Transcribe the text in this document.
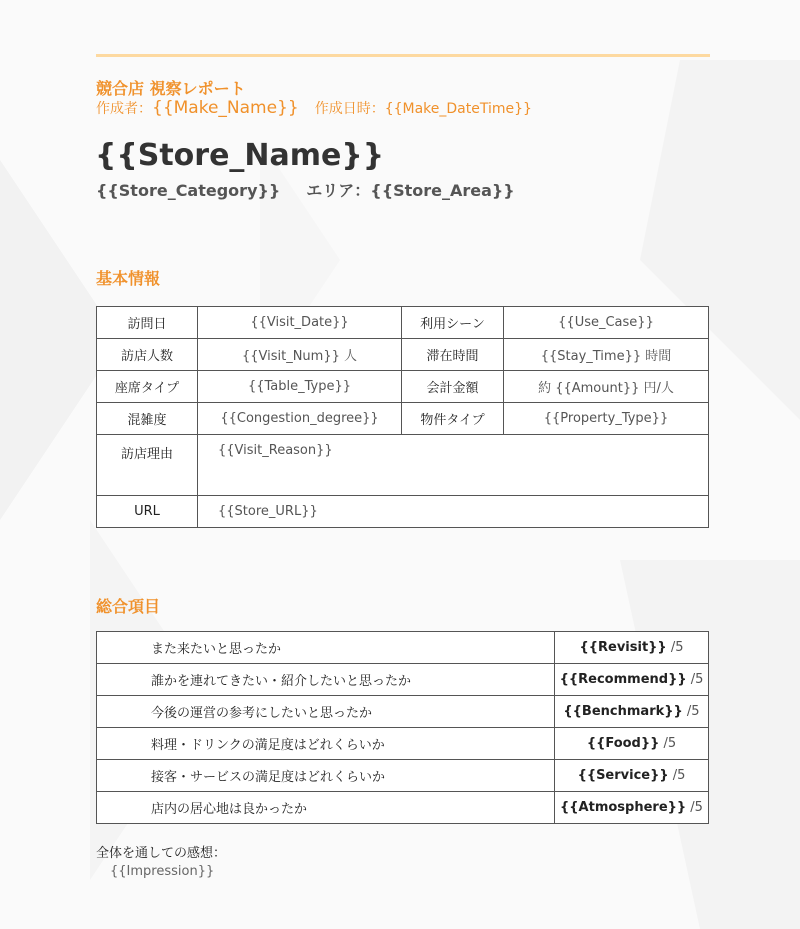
競合店 視察レポート
作成者：{{Make_Name}} 作成日時：{{Make_DateTime}}
{{Store_Name}}
{{Store_Category}} エリア：{{Store_Area}}
基本情報
訪問日	{{Visit_Date}}	利用シーン	{{Use_Case}}
訪店人数	{{Visit_Num}} 人	滞在時間	{{Stay_Time}} 時間
座席タイプ	{{Table_Type}}	会計金額	約 {{Amount}} 円/人
混雑度	{{Congestion_degree}}	物件タイプ	{{Property_Type}}
訪店理由	{{Visit_Reason}}		
URL	{{Store_URL}}		
総合項目
また来たいと思ったか	{{Revisit}} /5
誰かを連れてきたい・紹介したいと思ったか	{{Recommend}} /5
今後の運営の参考にしたいと思ったか	{{Benchmark}} /5
料理・ドリンクの満足度はどれくらいか	{{Food}} /5
接客・サービスの満足度はどれくらいか	{{Service}} /5
店内の居心地は良かったか	{{Atmosphere}} /5
全体を通しての感想：
{{Impression}}
